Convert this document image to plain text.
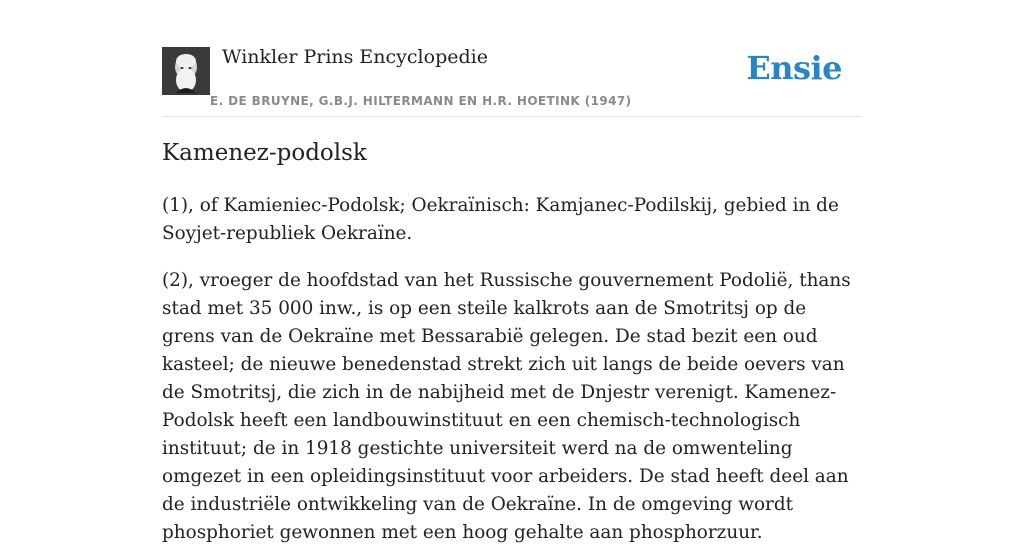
Winkler Prins Encyclopedie
E. DE BRUYNE, G.B.J. HILTERMANN EN H.R. HOETINK (1947)
Ensie
Kamenez-podolsk

(1), of Kamieniec-Podolsk; Oekraïnisch: Kamjanec-Podilskij, gebied in de Soyjet-republiek Oekraïne.

(2), vroeger de hoofdstad van het Russische gouvernement Podolië, thans stad met 35 000 inw., is op een steile kalkrots aan de Smotritsj op de grens van de Oekraïne met Bessarabië gelegen. De stad bezit een oud kasteel; de nieuwe benedenstad strekt zich uit langs de beide oevers van de Smotritsj, die zich in de nabijheid met de Dnjestr verenigt. Kamenez-Podolsk heeft een landbouwinstituut en een chemisch-technologisch instituut; de in 1918 gestichte universiteit werd na de omwenteling omgezet in een opleidingsinstituut voor arbeiders. De stad heeft deel aan de industriële ontwikkeling van de Oekraïne. In de omgeving wordt phosphoriet gewonnen met een hoog gehalte aan phosphorzuur.
